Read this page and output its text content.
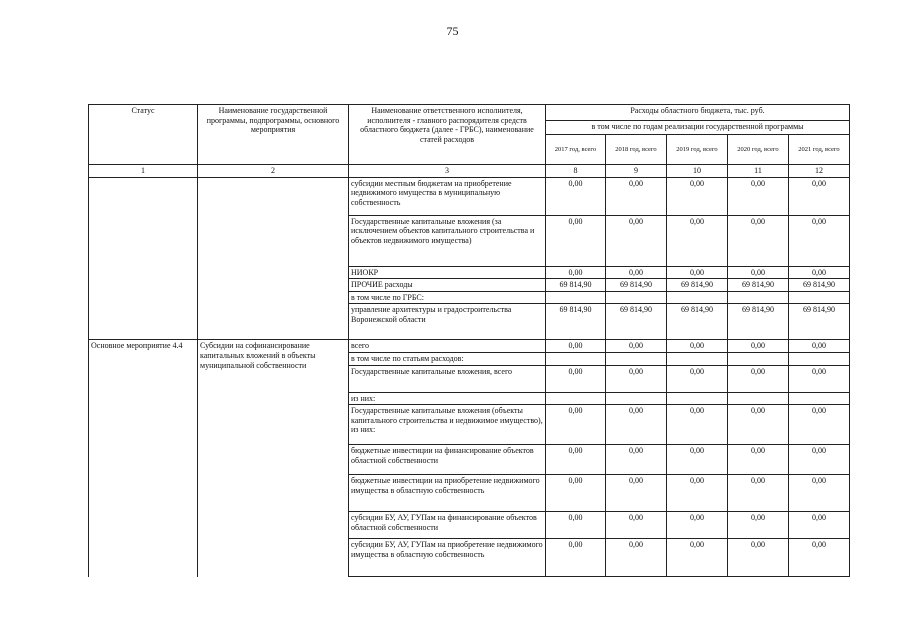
75
Статус	Наименование государственной программы, подпрограммы, основного мероприятия	Наименование ответственного исполнителя, исполнителя - главного распорядителя средств областного бюджета (далее - ГРБС), наименование статей расходов	Расходы областного бюджета, тыс. руб.				
			в том числе по годам реализации государственной программы				
			2017 год, всего	2018 год, всего	2019 год, всего	2020 год, всего	2021 год, всего
1	2	3	8	9	10	11	12
		субсидии местным бюджетам на приобретение недвижимого имущества в муниципальную собственность	0,00	0,00	0,00	0,00	0,00
		Государственные капитальные вложения (за исключением объектов капитального строительства и объектов недвижимого имущества)	0,00	0,00	0,00	0,00	0,00
		НИОКР	0,00	0,00	0,00	0,00	0,00
		ПРОЧИЕ расходы	69 814,90	69 814,90	69 814,90	69 814,90	69 814,90
		в том числе по ГРБС:					
		управление архитектуры и градостроительства Воронежской области	69 814,90	69 814,90	69 814,90	69 814,90	69 814,90
Основное мероприятие 4.4	Субсидии на софинансирование капитальных вложений в объекты муниципальной собственности	всего	0,00	0,00	0,00	0,00	0,00
		в том числе по статьям расходов:					
		Государственные капитальные вложения, всего	0,00	0,00	0,00	0,00	0,00
		из них:					
		Государственные капитальные вложения (объекты капитального строительства и недвижимое имущество), из них:	0,00	0,00	0,00	0,00	0,00
		бюджетные инвестиции на финансирование объектов областной собственности	0,00	0,00	0,00	0,00	0,00
		бюджетные инвестиции на приобретение недвижимого имущества в областную собственность	0,00	0,00	0,00	0,00	0,00
		субсидии БУ, АУ, ГУПам на финансирование объектов областной собственности	0,00	0,00	0,00	0,00	0,00
		субсидии БУ, АУ, ГУПам на приобретение недвижимого имущества в областную собственность	0,00	0,00	0,00	0,00	0,00
